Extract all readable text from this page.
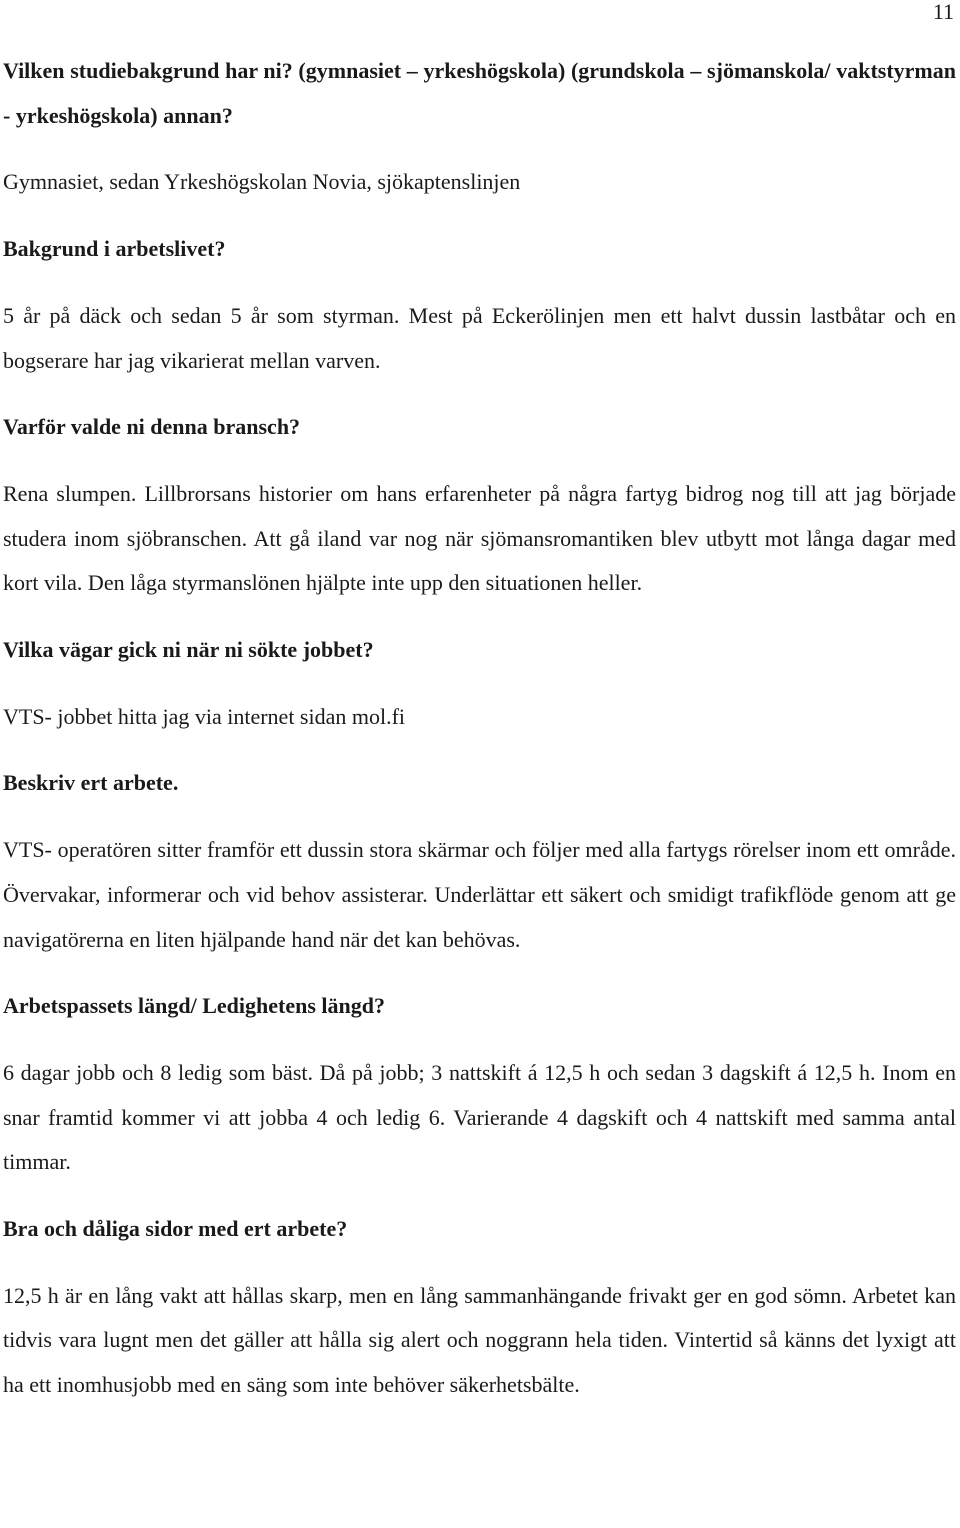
11

Vilken studiebakgrund har ni? (gymnasiet – yrkeshögskola) (grundskola – sjömanskola/ vaktstyrman - yrkeshögskola) annan?

Gymnasiet, sedan Yrkeshögskolan Novia, sjökaptenslinjen

Bakgrund i arbetslivet?

5 år på däck och sedan 5 år som styrman. Mest på Eckerölinjen men ett halvt dussin lastbåtar och en bogserare har jag vikarierat mellan varven.

Varför valde ni denna bransch?

Rena slumpen. Lillbrorsans historier om hans erfarenheter på några fartyg bidrog nog till att jag började studera inom sjöbranschen. Att gå iland var nog när sjömansromantiken blev utbytt mot långa dagar med kort vila. Den låga styrmanslönen hjälpte inte upp den situationen heller.

Vilka vägar gick ni när ni sökte jobbet?

VTS- jobbet hitta jag via internet sidan mol.fi

Beskriv ert arbete.

VTS- operatören sitter framför ett dussin stora skärmar och följer med alla fartygs rörelser inom ett område. Övervakar, informerar och vid behov assisterar. Underlättar ett säkert och smidigt trafikflöde genom att ge navigatörerna en liten hjälpande hand när det kan behövas.

Arbetspassets längd/ Ledighetens längd?

6 dagar jobb och 8 ledig som bäst. Då på jobb; 3 nattskift á 12,5 h och sedan 3 dagskift á 12,5 h. Inom en snar framtid kommer vi att jobba 4 och ledig 6. Varierande 4 dagskift och 4 nattskift med samma antal timmar.

Bra och dåliga sidor med ert arbete?

12,5 h är en lång vakt att hållas skarp, men en lång sammanhängande frivakt ger en god sömn. Arbetet kan tidvis vara lugnt men det gäller att hålla sig alert och noggrann hela tiden. Vintertid så känns det lyxigt att ha ett inomhusjobb med en säng som inte behöver säkerhetsbälte.
